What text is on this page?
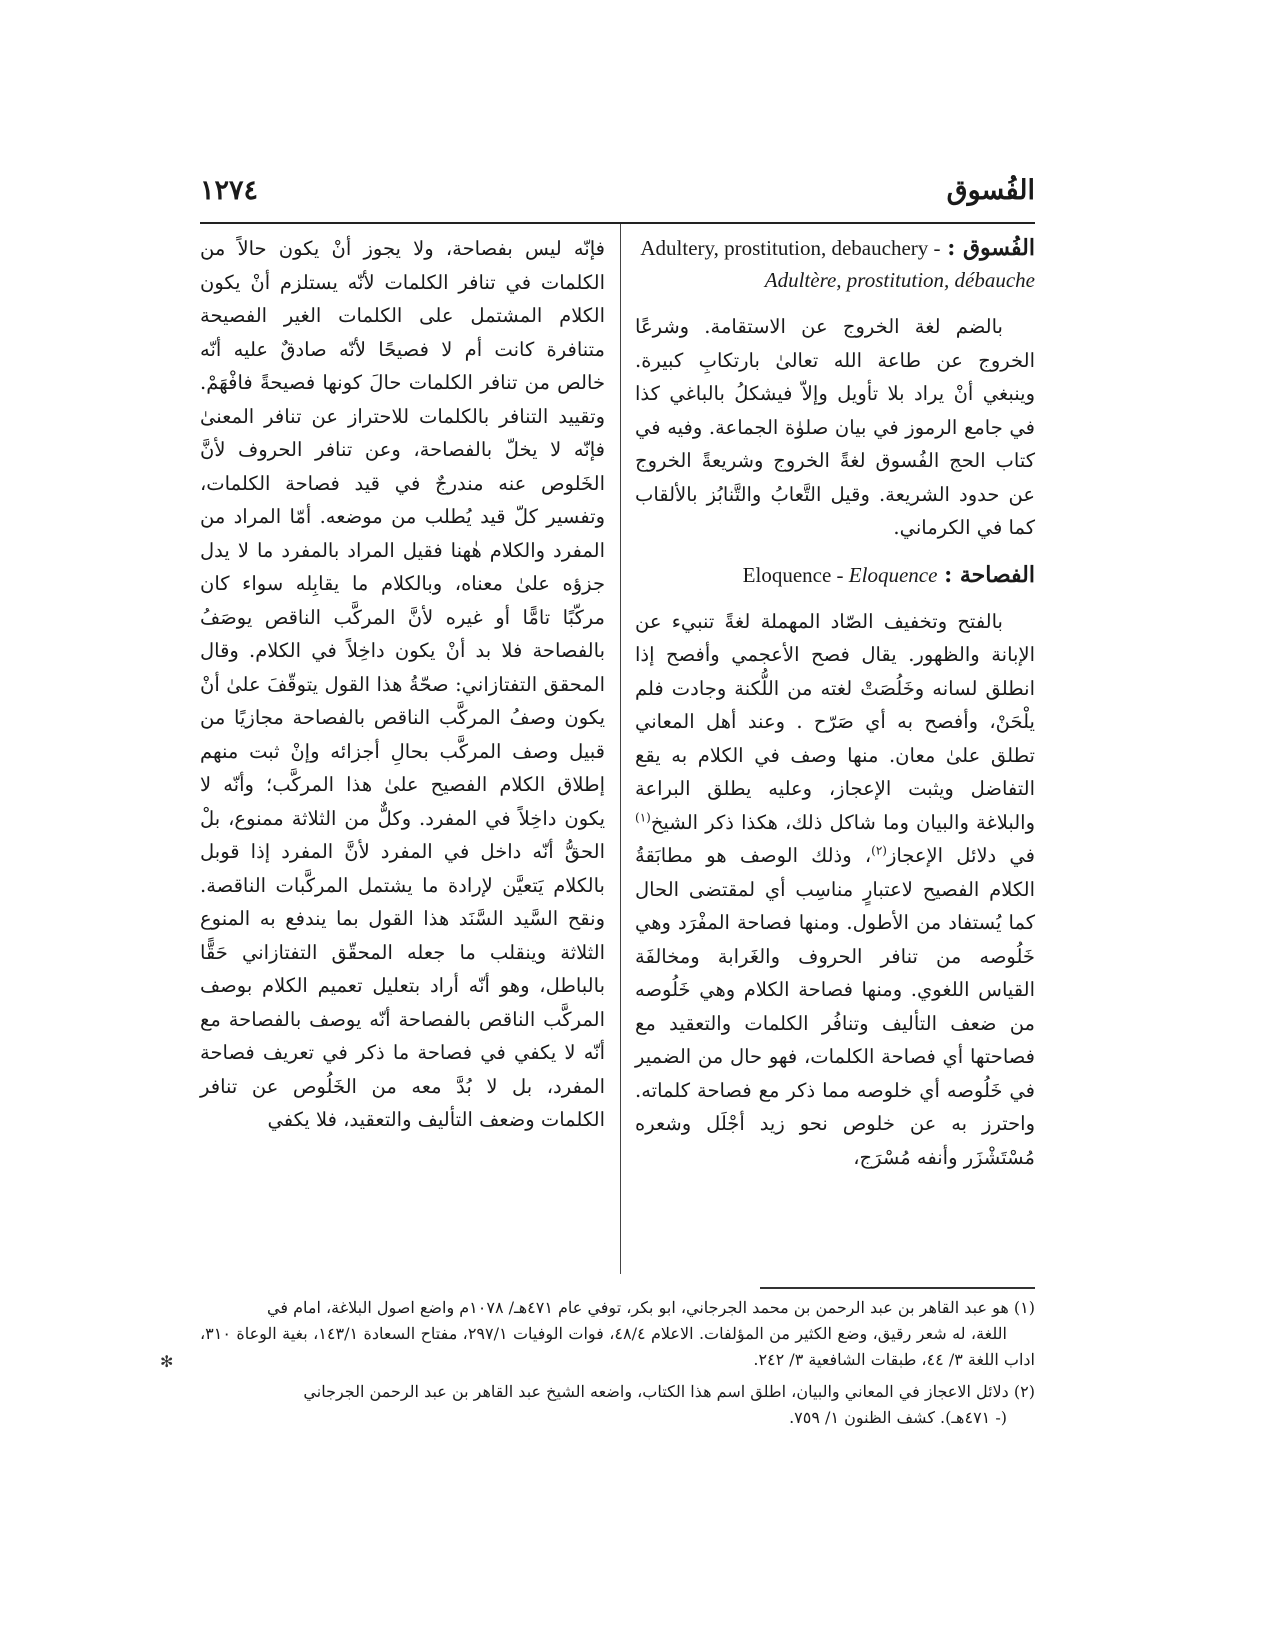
الفُسوق
١٢٧٤

الفُسوق : Adultery, prostitution, debauchery - Adultère, prostitution, débauche

بالضم لغة الخروج عن الاستقامة. وشرعًا الخروج عن طاعة الله تعالىٰ بارتكابِ كبيرة. وينبغي أنْ يراد بلا تأويل وإلاّ فيشكلُ بالباغي كذا في جامع الرموز في بيان صلوٰة الجماعة. وفيه في كتاب الحج الفُسوق لغةً الخروج وشريعةً الخروج عن حدود الشريعة. وقيل التَّعابُ والتَّنابُز بالألقاب كما في الكرماني.

الفصاحة : Eloquence - Eloquence

بالفتح وتخفيف الصّاد المهملة لغةً تنبيء عن الإبانة والظهور. يقال فصح الأعجمي وأفصح إذا انطلق لسانه وخَلُصَتْ لغته من اللُّكنة وجادت فلم يلْحَنْ، وأفصح به أي صَرّح . وعند أهل المعاني تطلق علىٰ معان. منها وصف في الكلام به يقع التفاضل ويثبت الإعجاز، وعليه يطلق البراعة والبلاغة والبيان وما شاكل ذلك، هكذا ذكر الشيخ$^{(١)}$ في دلائل الإعجاز$^{(٢)}$، وذلك الوصف هو مطابَقةُ الكلام الفصيح لاعتبارٍ مناسِب أي لمقتضى الحال كما يُستفاد من الأطول. ومنها فصاحة المفْرَد وهي خَلُوصه من تنافر الحروف والغَرابة ومخالفَة القياس اللغوي. ومنها فصاحة الكلام وهي خَلُوصه من ضعف التأليف وتنافُر الكلمات والتعقيد مع فصاحتها أي فصاحة الكلمات، فهو حال من الضمير في خَلُوصه أي خلوصه مما ذكر مع فصاحة كلماته. واحترز به عن خلوص نحو زيد أجْلَل وشعره مُسْتَشْزَر وأنفه مُسْرَج،

فإنّه ليس بفصاحة، ولا يجوز أنْ يكون حالاً من الكلمات في تنافر الكلمات لأنّه يستلزم أنْ يكون الكلام المشتمل على الكلمات الغير الفصيحة متنافرة كانت أم لا فصيحًا لأنّه صادقٌ عليه أنّه خالص من تنافر الكلمات حالَ كونها فصيحةً فافْهَمْ. وتقييد التنافر بالكلمات للاحتراز عن تنافر المعنىٰ فإنّه لا يخلّ بالفصاحة، وعن تنافر الحروف لأنَّ الخَلوص عنه مندرجٌ في قيد فصاحة الكلمات، وتفسير كلّ قيد يُطلب من موضعه. أمّا المراد من المفرد والكلام هٰهنا فقيل المراد بالمفرد ما لا يدل جزؤه علىٰ معناه، وبالكلام ما يقابِله سواء كان مركّبًا تامًّا أو غيره لأنَّ المركَّب الناقص يوصَفُ بالفصاحة فلا بد أنْ يكون داخِلاً في الكلام. وقال المحقق التفتازاني: صحّةُ هذا القول يتوقّفَ علىٰ أنْ يكون وصفُ المركَّب الناقص بالفصاحة مجازيًا من قبيل وصف المركَّب بحالِ أجزائه وإنْ ثبت منهم إطلاق الكلام الفصيح علىٰ هذا المركَّب؛ وأنّه لا يكون داخِلاً في المفرد. وكلٌّ من الثلاثة ممنوع، بلْ الحقُّ أنّه داخل في المفرد لأنَّ المفرد إذا قوبل بالكلام يَتعيَّن لإرادة ما يشتمل المركَّبات الناقصة. ونقح السَّيد السَّنَد هذا القول بما يندفع به المنوع الثلاثة وينقلب ما جعله المحقّق التفتازاني حَقًّا بالباطل، وهو أنّه أراد بتعليل تعميم الكلام بوصف المركَّب الناقص بالفصاحة أنّه يوصف بالفصاحة مع أنّه لا يكفي في فصاحة ما ذكر في تعريف فصاحة المفرد، بل لا بُدَّ معه من الخَلُوص عن تنافر الكلمات وضعف التأليف والتعقيد، فلا يكفي

(١) هو عبد القاهر بن عبد الرحمن بن محمد الجرجاني، ابو بكر، توفي عام ٤٧١هـ/ ١٠٧٨م واضع اصول البلاغة، امام في
اللغة، له شعر رقيق، وضع الكثير من المؤلفات. الاعلام ٤٨/٤، فوات الوفيات ٢٩٧/١، مفتاح السعادة ١٤٣/١، بغية الوعاة ٣١٠، اداب اللغة ٣/ ٤٤، طبقات الشافعية ٣/ ٢٤٢.

(٢) دلائل الاعجاز في المعاني والبيان، اطلق اسم هذا الكتاب، واضعه الشيخ عبد القاهر بن عبد الرحمن الجرجاني
(- ٤٧١هـ). كشف الظنون ١/ ٧٥٩.

✻
